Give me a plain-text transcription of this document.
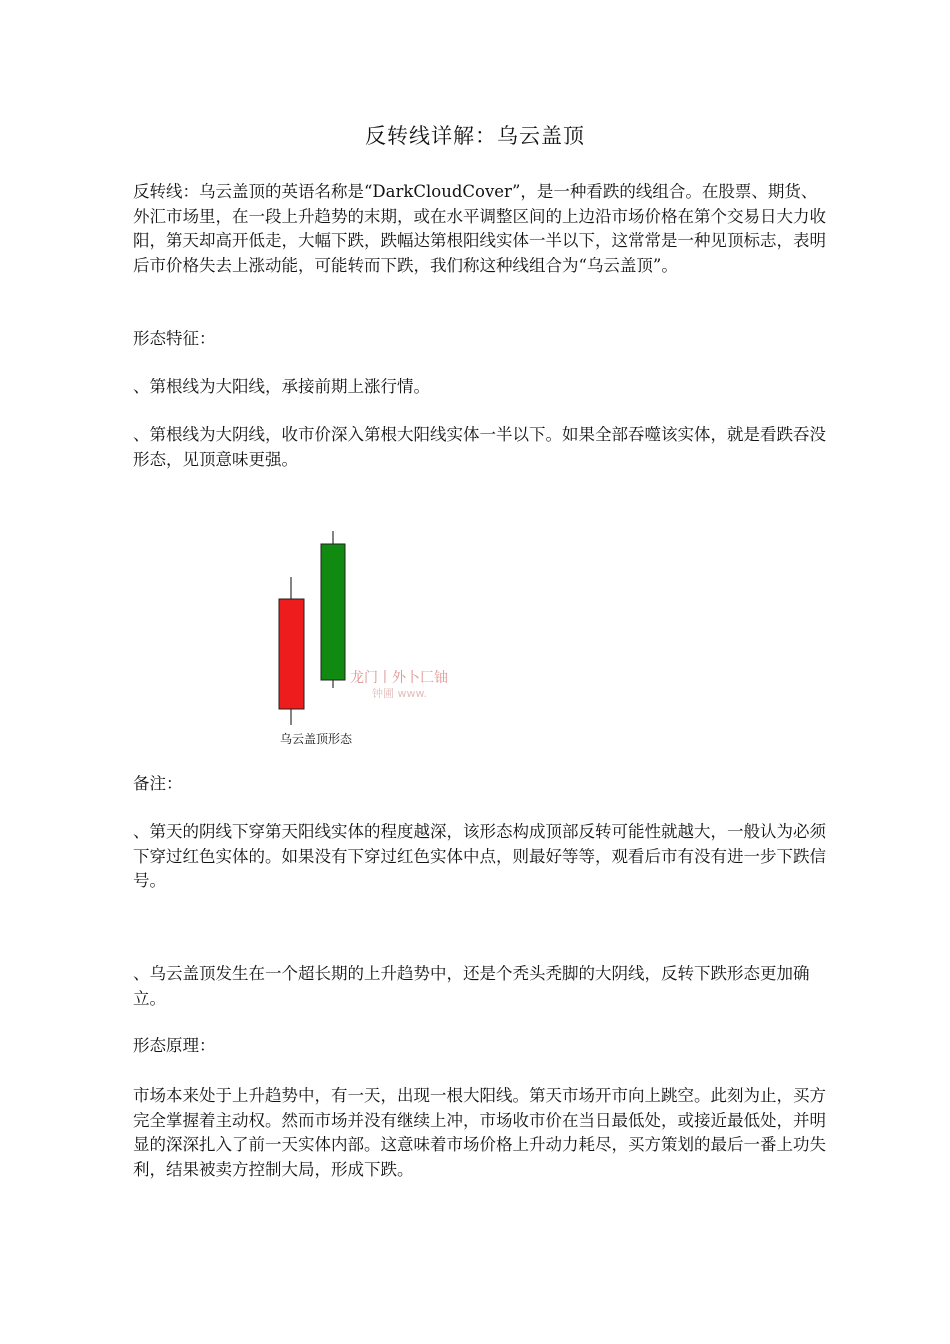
反转线详解：乌云盖顶

反转线：乌云盖顶的英语名称是“DarkCloudCover”，是一种看跌的线组合。在股票、期货、外汇市场里，在一段上升趋势的末期，或在水平调整区间的上边沿市场价格在第个交易日大力收阳，第天却高开低走，大幅下跌，跌幅达第根阳线实体一半以下，这常常是一种见顶标志，表明后市价格失去上涨动能，可能转而下跌，我们称这种线组合为“乌云盖顶”。

形态特征：

、第根线为大阳线，承接前期上涨行情。

、第根线为大阴线，收市价深入第根大阳线实体一半以下。如果全部吞噬该实体，就是看跌吞没形态，见顶意味更强。

龙门丨外卜匚铀
钟圃 www.
乌云盖顶形态

备注：

、第天的阴线下穿第天阳线实体的程度越深，该形态构成顶部反转可能性就越大，一般认为必须下穿过红色实体的。如果没有下穿过红色实体中点，则最好等等，观看后市有没有进一步下跌信号。

、乌云盖顶发生在一个超长期的上升趋势中，还是个秃头秃脚的大阴线，反转下跌形态更加确立。

形态原理：

市场本来处于上升趋势中，有一天，出现一根大阳线。第天市场开市向上跳空。此刻为止，买方完全掌握着主动权。然而市场并没有继续上冲，市场收市价在当日最低处，或接近最低处，并明显的深深扎入了前一天实体内部。这意味着市场价格上升动力耗尽，买方策划的最后一番上功失利，结果被卖方控制大局，形成下跌。
